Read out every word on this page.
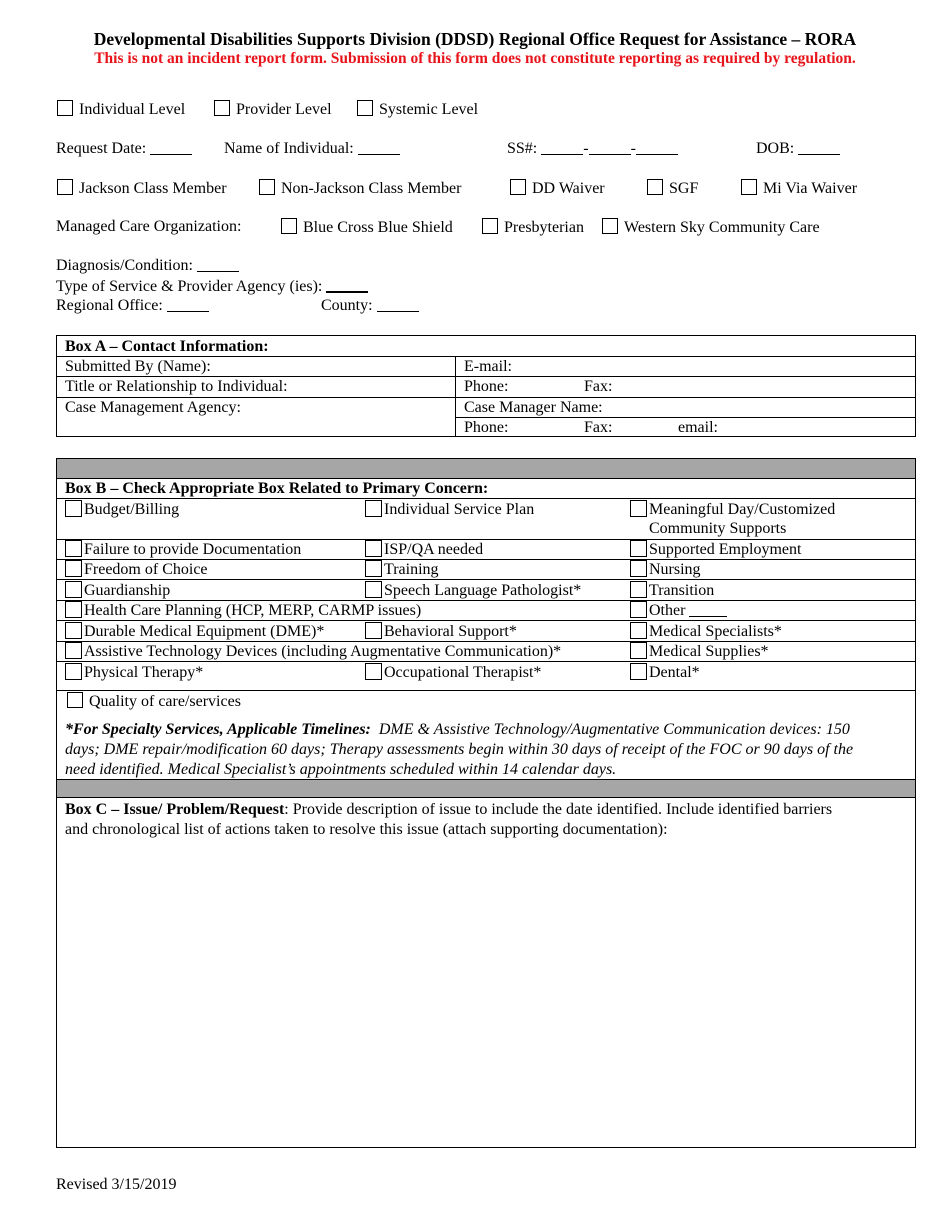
Developmental Disabilities Supports Division (DDSD) Regional Office Request for Assistance – RORA
This is not an incident report form. Submission of this form does not constitute reporting as required by regulation.
Individual Level	Provider Level	Systemic Level
Request Date:	Name of Individual:	SS#:	-	-	DOB:
Jackson Class Member	Non-Jackson Class Member	DD Waiver	SGF	Mi Via Waiver
Managed Care Organization:	Blue Cross Blue Shield	Presbyterian	Western Sky Community Care
Diagnosis/Condition:
Type of Service & Provider Agency (ies):
Regional Office:	County:
Box A – Contact Information:
Submitted By (Name):	E-mail:
Title or Relationship to Individual:	Phone:	Fax:
Case Management Agency:	Case Manager Name:
Phone:	Fax:	email:
Box B – Check Appropriate Box Related to Primary Concern:
Budget/Billing	Individual Service Plan	Meaningful Day/Customized
Community Supports
Failure to provide Documentation	ISP/QA needed	Supported Employment
Freedom of Choice	Training	Nursing
Guardianship	Speech Language Pathologist*	Transition
Health Care Planning (HCP, MERP, CARMP issues)	Other
Durable Medical Equipment (DME)*	Behavioral Support*	Medical Specialists*
Assistive Technology Devices (including Augmentative Communication)*	Medical Supplies*
Physical Therapy*	Occupational Therapist*	Dental*
Quality of care/services
*For Specialty Services, Applicable Timelines: DME & Assistive Technology/Augmentative Communication devices: 150
days; DME repair/modification 60 days; Therapy assessments begin within 30 days of receipt of the FOC or 90 days of the
need identified. Medical Specialist’s appointments scheduled within 14 calendar days.
Box C – Issue/ Problem/Request: Provide description of issue to include the date identified. Include identified barriers
and chronological list of actions taken to resolve this issue (attach supporting documentation):
Revised 3/15/2019
